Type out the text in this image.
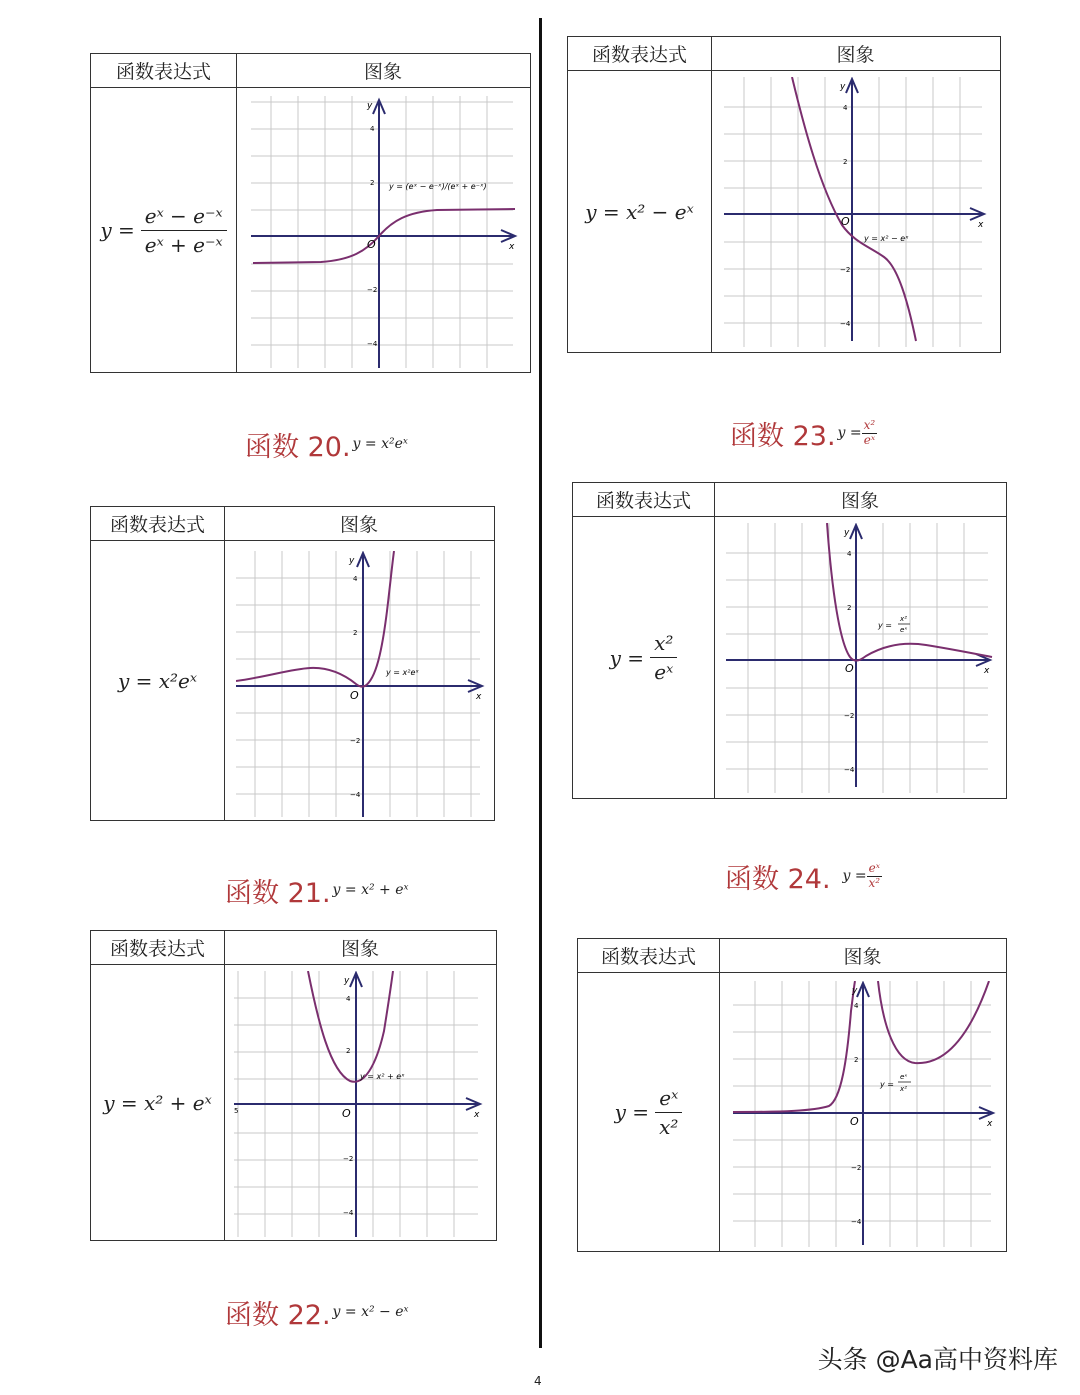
函数表达式	图象
$y = \frac{\text{eˣ − e⁻ˣ}}{\text{eˣ + e⁻ˣ}}$	x
y
O
4
2
−2
−4
y = (eˣ − e⁻ˣ)/(eˣ + e⁻ˣ)
函数 20. y = x²eˣ
函数表达式	图象
y = x²eˣ
x
y
O
4
2
−2
−4
y = x²eˣ
函数 21. y = x² + eˣ
函数表达式	图象
y = x² + eˣ
x
y
O
5
4
2
−2
−4
y = x² + eˣ
函数 22. y = x² − eˣ
函数表达式	图象
y = x² − eˣ
x
y
O
4
2
−2
−4
y = x² − eˣ
函数 23. $y = \frac{\text{x²}}{\text{eˣ}}$
函数表达式	图象
$y = \frac{\text{x²}}{\text{eˣ}}$	x
y
O
4
2
−2
−4
y =
x²
eˣ
函数 24. $y = \frac{\text{eˣ}}{\text{x²}}$
函数表达式	图象
$y = \frac{\text{eˣ}}{\text{x²}}$	x
y
O
4
2
−2
−4
y =
eˣ
x²
头条 @Aa高中资料库
4
